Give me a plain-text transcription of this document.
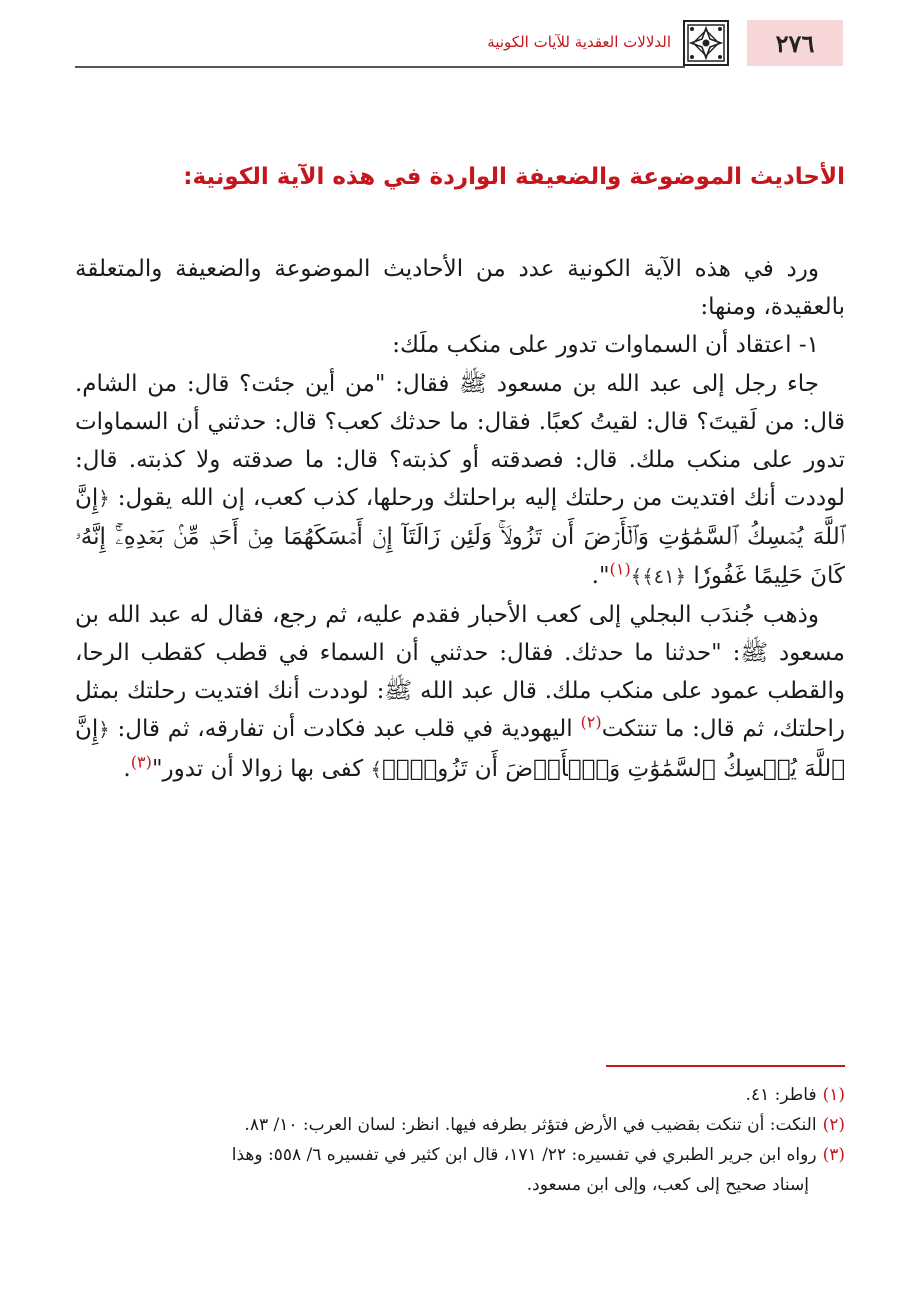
٢٧٦
الدلالات العقدية للآيات الكونية
الأحاديث الموضوعة والضعيفة الواردة في هذه الآية الكونية:

ورد في هذه الآية الكونية عدد من الأحاديث الموضوعة والضعيفة والمتعلقة بالعقيدة، ومنها:

١- اعتقاد أن السماوات تدور على منكب ملَك:

جاء رجل إلى عبد الله بن مسعود ﷺ فقال: "من أين جئت؟ قال: من الشام. قال: من لَقيتَ؟ قال: لقيتُ كعبًا. فقال: ما حدثك كعب؟ قال: حدثني أن السماوات تدور على منكب ملك. قال: فصدقته أو كذبته؟ قال: ما صدقته ولا كذبته. قال: لوددت أنك افتديت من رحلتك إليه براحلتك ورحلها، كذب كعب، إن الله يقول: ﴿إِنَّ ٱللَّهَ يُمۡسِكُ ٱلسَّمَٰوَٰتِ وَٱلۡأَرۡضَ أَن تَزُولَاۚ وَلَئِن زَالَتَآ إِنۡ أَمۡسَكَهُمَا مِنۡ أَحَدٖ مِّنۢ بَعۡدِهِۦٓۚ إِنَّهُۥ كَانَ حَلِيمًا غَفُورٗا ﴿٤١﴾﴾$^{(١)}$".

وذهب جُندَب البجلي إلى كعب الأحبار فقدم عليه، ثم رجع، فقال له عبد الله بن مسعود ﷺ: "حدثنا ما حدثك. فقال: حدثني أن السماء في قطب كقطب الرحا، والقطب عمود على منكب ملك. قال عبد الله ﷺ: لوددت أنك افتديت رحلتك بمثل راحلتك، ثم قال: ما تنتكت$^{(٢)}$ اليهودية في قلب عبد فكادت أن تفارقه، ثم قال: ﴿إِنَّ ٱللَّهَ يُمۡسِكُ ٱلسَّمَٰوَٰتِ وَٱلۡأَرۡضَ أَن تَزُولَاۚ﴾ كفى بها زوالا أن تدور"$^{(٣)}$.

(١)فاطر: ٤١.

(٢)النكت: أن تنكت بقضيب في الأرض فتؤثر بطرفه فيها. انظر: لسان العرب: ١٠/ ٨٣.

(٣)رواه ابن جرير الطبري في تفسيره: ٢٢/ ١٧١، قال ابن كثير في تفسيره ٦/ ٥٥٨: وهذا

إسناد صحيح إلى كعب، وإلى ابن مسعود.
